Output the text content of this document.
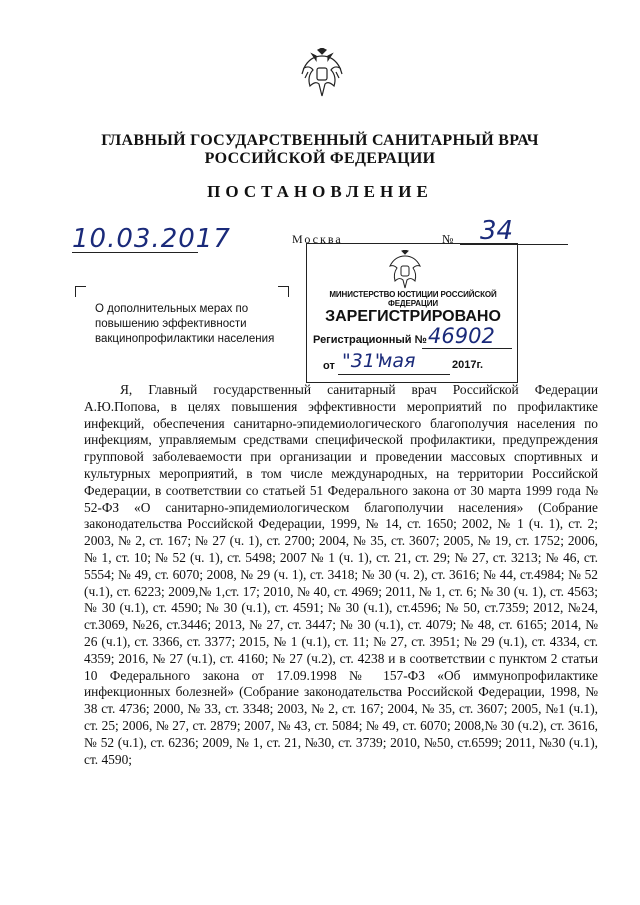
ГЛАВНЫЙ ГОСУДАРСТВЕННЫЙ САНИТАРНЫЙ ВРАЧ
РОССИЙСКОЙ ФЕДЕРАЦИИ
ПОСТАНОВЛЕНИЕ
10.03.2017	Москва	№ 34
О дополнительных мерах по повышению эффективности вакцинопрофилактики населения
МИНИСТЕРСТВО ЮСТИЦИИ РОССИЙСКОЙ ФЕДЕРАЦИИ
ЗАРЕГИСТРИРОВАНО
Регистрационный № 46902
от "31"
мая	2017г.

Я, Главный государственный санитарный врач Российской Федерации А.Ю.Попова, в целях повышения эффективности мероприятий по профилактике инфекций, обеспечения санитарно-эпидемиологического благополучия населения по инфекциям, управляемым средствами специфической профилактики, предупреждения групповой заболеваемости при организации и проведении массовых спортивных и культурных мероприятий, в том числе международных, на территории Российской Федерации, в соответствии со статьей 51 Федерального закона от 30 марта 1999 года № 52-ФЗ «О санитарно-эпидемиологическом благополучии населения» (Собрание законодательства Российской Федерации, 1999, № 14, ст. 1650; 2002, № 1 (ч. 1), ст. 2; 2003, № 2, ст. 167; № 27 (ч. 1), ст. 2700; 2004, № 35, ст. 3607; 2005, № 19, ст. 1752; 2006, № 1, ст. 10; № 52 (ч. 1), ст. 5498; 2007 № 1 (ч. 1), ст. 21, ст. 29; № 27, ст. 3213; № 46, ст. 5554; № 49, ст. 6070; 2008, № 29 (ч. 1), ст. 3418; № 30 (ч. 2), ст. 3616; № 44, ст.4984; № 52 (ч.1), ст. 6223; 2009,№ 1,ст. 17; 2010, № 40, ст. 4969; 2011, № 1, ст. 6; № 30 (ч. 1), ст. 4563; № 30 (ч.1), ст. 4590; № 30 (ч.1), ст. 4591; № 30 (ч.1), ст.4596; № 50, ст.7359; 2012, №24, ст.3069, №26, ст.3446; 2013, № 27, ст. 3447; № 30 (ч.1), ст. 4079; № 48, ст. 6165; 2014, № 26 (ч.1), ст. 3366, ст. 3377; 2015, № 1 (ч.1), ст. 11; № 27, ст. 3951; № 29 (ч.1), ст. 4334, ст. 4359; 2016, № 27 (ч.1), ст. 4160; № 27 (ч.2), ст. 4238 и в соответствии с пунктом 2 статьи 10 Федерального закона от 17.09.1998 № 157-ФЗ «Об иммунопрофилактике инфекционных болезней» (Собрание законодательства Российской Федерации, 1998, № 38 ст. 4736; 2000, № 33, ст. 3348; 2003, № 2, ст. 167; 2004, № 35, ст. 3607; 2005, №1 (ч.1), ст. 25; 2006, № 27, ст. 2879; 2007, № 43, ст. 5084; № 49, ст. 6070; 2008,№ 30 (ч.2), ст. 3616, № 52 (ч.1), ст. 6236; 2009, № 1, ст. 21, №30, ст. 3739; 2010, №50, ст.6599; 2011, №30 (ч.1), ст. 4590;
